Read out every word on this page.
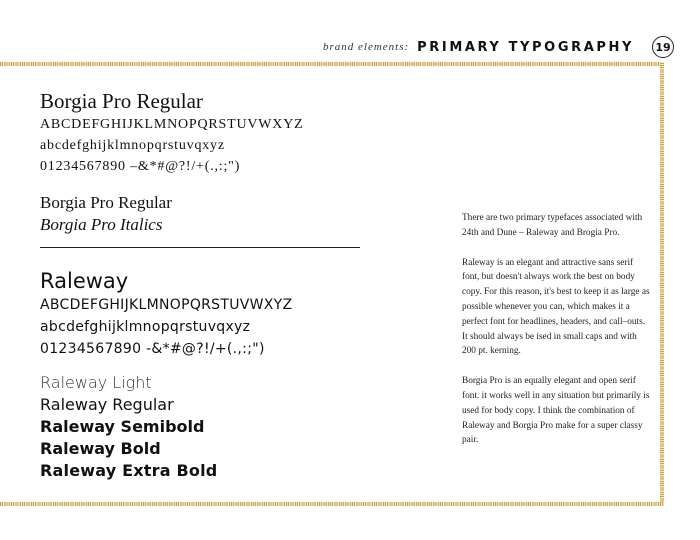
brand elements: PRIMARY TYPOGRAPHY	19
Borgia Pro Regular
ABCDEFGHIJKLMNOPQRSTUVWXYZ
abcdefghijklmnopqrstuvqxyz
01234567890 –&*#@?!/+(.,:;")
Borgia Pro Regular
Borgia Pro Italics
Raleway
ABCDEFGHIJKLMNOPQRSTUVWXYZ
abcdefghijklmnopqrstuvqxyz
01234567890 -&*#@?!/+(.,:;")
Raleway Light
Raleway Regular
Raleway Semibold
Raleway Bold
Raleway Extra Bold

There are two primary typefaces associated with 24th and Dune – Raleway and Brogia Pro.

Raleway is an elegant and attractive sans serif font, but doesn't always work the best on body copy. For this reason, it's best to keep it as large as possible whenever you can, which makes it a perfect font for headlines, headers, and call–outs. It should always be ised in small caps and with 200 pt. kerning.

Borgia Pro is an equally elegant and open serif font. it works well in any situation but primarily is used for body copy. I think the combination of Raleway and Borgia Pro make for a super classy pair.
